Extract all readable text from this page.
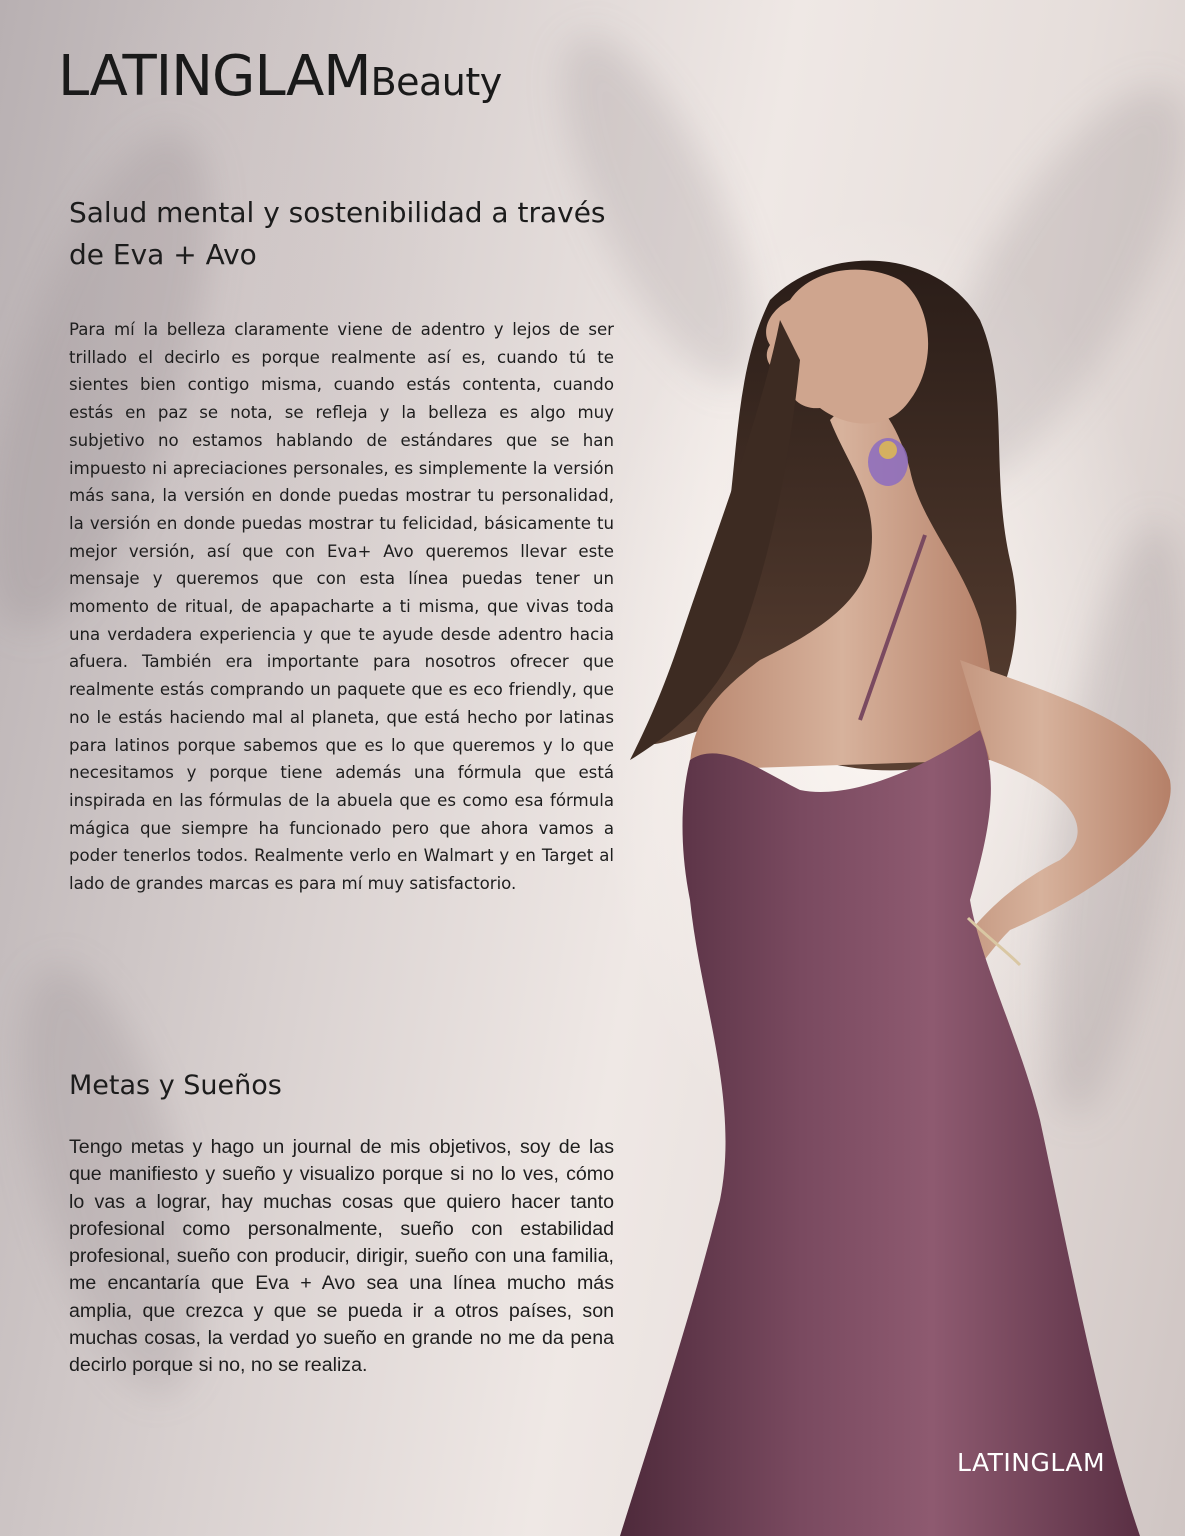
LATINGLAMBeauty
Salud mental y sostenibilidad a través de Eva + Avo

Para mí la belleza claramente viene de adentro y lejos de ser trillado el decirlo es porque realmente así es, cuando tú te sientes bien contigo misma, cuando estás contenta, cuando estás en paz se nota, se refleja y la belleza es algo muy subjetivo no estamos hablando de estándares que se han impuesto ni apreciaciones personales, es simplemente la versión más sana, la versión en donde puedas mostrar tu personalidad, la versión en donde puedas mostrar tu felicidad, básicamente tu mejor versión, así que con Eva+ Avo queremos llevar este mensaje y queremos que con esta línea puedas tener un momento de ritual, de apapacharte a ti misma, que vivas toda una verdadera experiencia y que te ayude desde adentro hacia afuera. También era importante para nosotros ofrecer que realmente estás comprando un paquete que es eco friendly, que no le estás haciendo mal al planeta, que está hecho por latinas para latinos porque sabemos que es lo que queremos y lo que necesitamos y porque tiene además una fórmula que está inspirada en las fórmulas de la abuela que es como esa fórmula mágica que siempre ha funcionado pero que ahora vamos a poder tenerlos todos. Realmente verlo en Walmart y en Target al lado de grandes marcas es para mí muy satisfactorio.

Metas y Sueños

Tengo metas y hago un journal de mis objetivos, soy de las que manifiesto y sueño y visualizo porque si no lo ves, cómo lo vas a lograr, hay muchas cosas que quiero hacer tanto profesional como personalmente, sueño con estabilidad profesional, sueño con producir, dirigir, sueño con una familia, me encantaría que Eva + Avo sea una línea mucho más amplia, que crezca y que se pueda ir a otros países, son muchas cosas, la verdad yo sueño en grande no me da pena decirlo porque si no, no se realiza.

LATINGLAM
